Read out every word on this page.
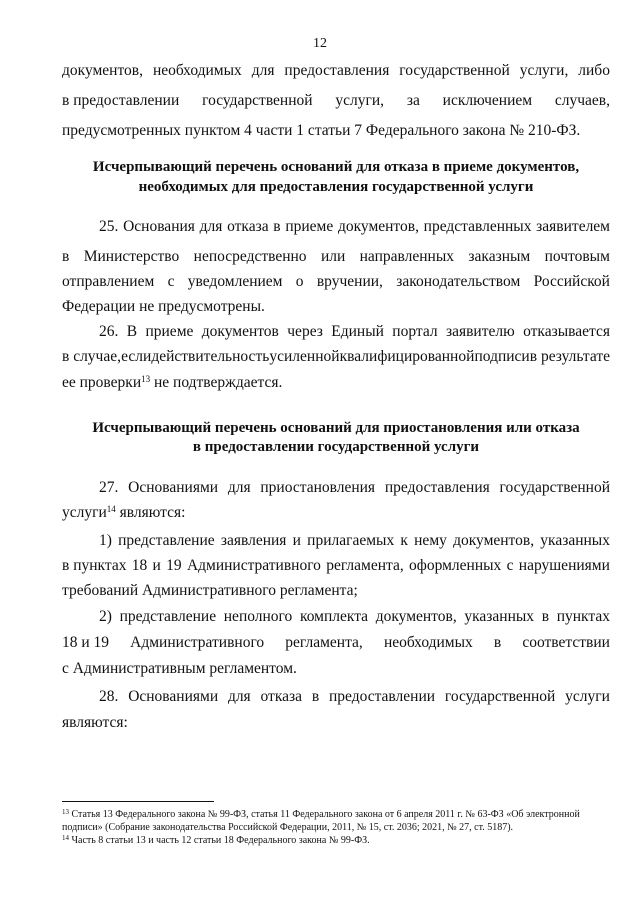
12
документов, необходимых для предоставления государственной услуги, либо
в предоставлении государственной услуги, за исключением случаев,
предусмотренных пунктом 4 части 1 статьи 7 Федерального закона № 210-ФЗ.
Исчерпывающий перечень оснований для отказа в приеме документов,
необходимых для предоставления государственной услуги
25. Основания для отказа в приеме документов, представленных заявителем
в Министерство непосредственно или направленных заказным почтовым
отправлением с уведомлением о вручении, законодательством Российской
Федерации не предусмотрены.
26. В приеме документов через Единый портал заявителю отказывается
в случае, если действительность усиленной квалифицированной подписи в результате
ее проверки$^{13}$ не подтверждается.
Исчерпывающий перечень оснований для приостановления или отказа
в предоставлении государственной услуги
27. Основаниями для приостановления предоставления государственной
услуги$^{14}$ являются:
1) представление заявления и прилагаемых к нему документов, указанных
в пунктах 18 и 19 Административного регламента, оформленных с нарушениями
требований Административного регламента;
2) представление неполного комплекта документов, указанных в пунктах
18 и 19 Административного регламента, необходимых в соответствии
с Административным регламентом.
28. Основаниями для отказа в предоставлении государственной услуги
являются:
$^{13}$ Статья 13 Федерального закона № 99-ФЗ, статья 11 Федерального закона от 6 апреля 2011 г. № 63-ФЗ «Об электронной
подписи» (Собрание законодательства Российской Федерации, 2011, № 15, ст. 2036; 2021, № 27, ст. 5187).
$^{14}$ Часть 8 статьи 13 и часть 12 статьи 18 Федерального закона № 99-ФЗ.
